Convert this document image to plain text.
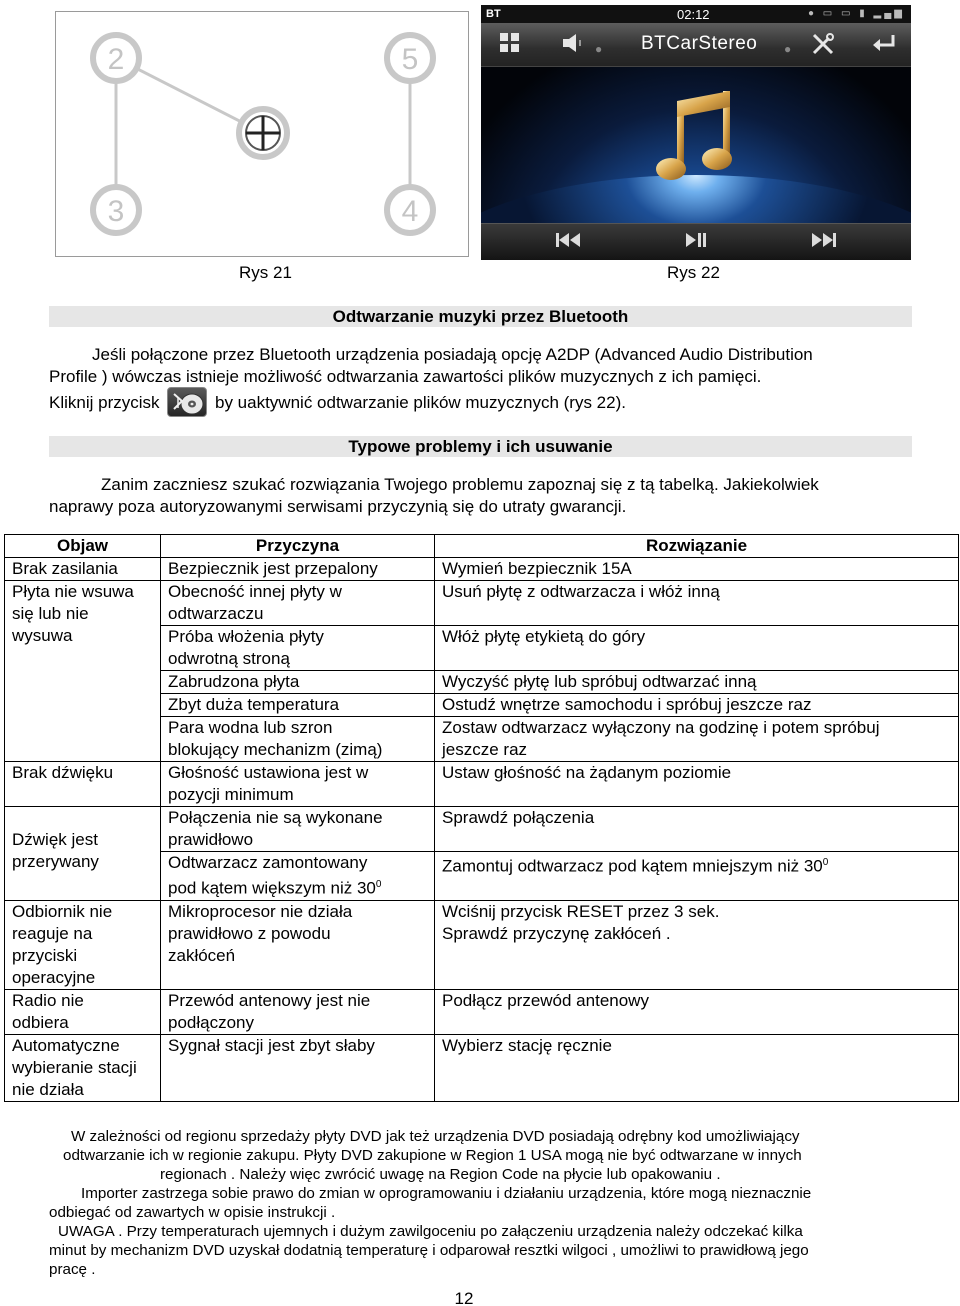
2	5
3	4
BT	02:12	● ▭ ▭ ▮ ▂▄▆
● BTCarStereo ●
Rys 21	Rys 22
Odtwarzanie muzyki przez Bluetooth
Jeśli połączone przez Bluetooth urządzenia posiadają opcję A2DP (Advanced Audio Distribution
Profile ) wówczas istnieje możliwość odtwarzania zawartości plików muzycznych z ich pamięci.
Kliknij przycisk	by uaktywnić odtwarzanie plików muzycznych (rys 22).
Typowe problemy i ich usuwanie
Zanim zaczniesz szukać rozwiązania Twojego problemu zapoznaj się z tą tabelką. Jakiekolwiek
naprawy poza autoryzowanymi serwisami przyczynią się do utraty gwarancji.
Objaw	Przyczyna	Rozwiązanie

Brak zasilania	Bezpiecznik jest przepalony	Wymień bezpiecznik 15A

Płyta nie wsuwa
się lub nie
wysuwa	Obecność innej płyty w
odtwarzaczu	Usuń płytę z odtwarzacza i włóż inną

	Próba włożenia płyty
odwrotną stroną	Włóż płytę etykietą do góry

	Zabrudzona płyta	Wyczyść płytę lub spróbuj odtwarzać inną

	Zbyt duża temperatura	Ostudź wnętrze samochodu i spróbuj jeszcze raz

	Para wodna lub szron
blokujący mechanizm (zimą)	Zostaw odtwarzacz wyłączony na godzinę i potem spróbuj
jeszcze raz

Brak dźwięku	Głośność ustawiona jest w
pozycji minimum	Ustaw głośność na żądanym poziomie

Dźwięk jest
przerywany	Połączenia nie są wykonane
prawidłowo	Sprawdź połączenia

	Odtwarzacz zamontowany
pod kątem większym niż $30^0$	Zamontuj odtwarzacz pod kątem mniejszym niż $30^0$

Odbiornik nie
reaguje na
przyciski
operacyjne	Mikroprocesor nie działa
prawidłowo z powodu
zakłóceń	Wciśnij przycisk RESET przez 3 sek.
Sprawdź przyczynę zakłóceń .

Radio nie
odbiera	Przewód antenowy jest nie
podłączony	Podłącz przewód antenowy

Automatyczne
wybieranie stacji
nie działa	Sygnał stacji jest zbyt słaby	Wybierz stację ręcznie
W zależności od regionu sprzedaży płyty DVD jak też urządzenia DVD posiadają odrębny kod umożliwiający
odtwarzanie ich w regionie zakupu. Płyty DVD zakupione w Region 1 USA mogą nie być odtwarzane w innych
regionach . Należy więc zwrócić uwagę na Region Code na płycie lub opakowaniu .
Importer zastrzega sobie prawo do zmian w oprogramowaniu i działaniu urządzenia, które mogą nieznacznie
odbiegać od zawartych w opisie instrukcji .
UWAGA . Przy temperaturach ujemnych i dużym zawilgoceniu po załączeniu urządzenia należy odczekać kilka
minut by mechanizm DVD uzyskał dodatnią temperaturę i odparował resztki wilgoci , umożliwi to prawidłową jego
pracę .
12
